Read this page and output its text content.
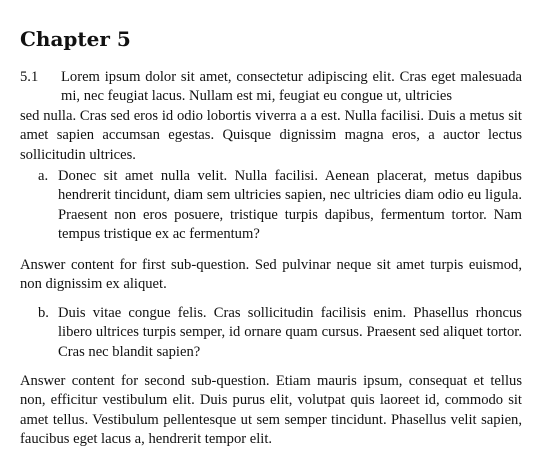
Chapter 5

5.1 Lorem ipsum dolor sit amet, consectetur adipiscing elit. Cras eget malesuada mi, nec feugiat lacus. Nullam est mi, feugiat eu congue ut, ultricies
sed nulla. Cras sed eros id odio lobortis viverra a a est. Nulla facilisi. Duis a metus sit amet sapien accumsan egestas. Quisque dignissim magna eros, a auctor lectus sollicitudin ultrices.

a. Donec sit amet nulla velit. Nulla facilisi. Aenean placerat, metus dapibus hendrerit tincidunt, diam sem ultricies sapien, nec ultricies diam odio eu ligula. Praesent non eros posuere, tristique turpis dapibus, fermentum tortor. Nam tempus tristique ex ac fermentum?

Answer content for first sub-question. Sed pulvinar neque sit amet turpis euismod, non dignissim ex aliquet.

b. Duis vitae congue felis. Cras sollicitudin facilisis enim. Phasellus rhoncus libero ultrices turpis semper, id ornare quam cursus. Praesent sed aliquet tortor. Cras nec blandit sapien?

Answer content for second sub-question. Etiam mauris ipsum, consequat et tellus non, efficitur vestibulum elit. Duis purus elit, volutpat quis laoreet id, commodo sit amet tellus. Vestibulum pellentesque ut sem semper tincidunt. Phasellus velit sapien, faucibus eget lacus a, hendrerit tempor elit.
